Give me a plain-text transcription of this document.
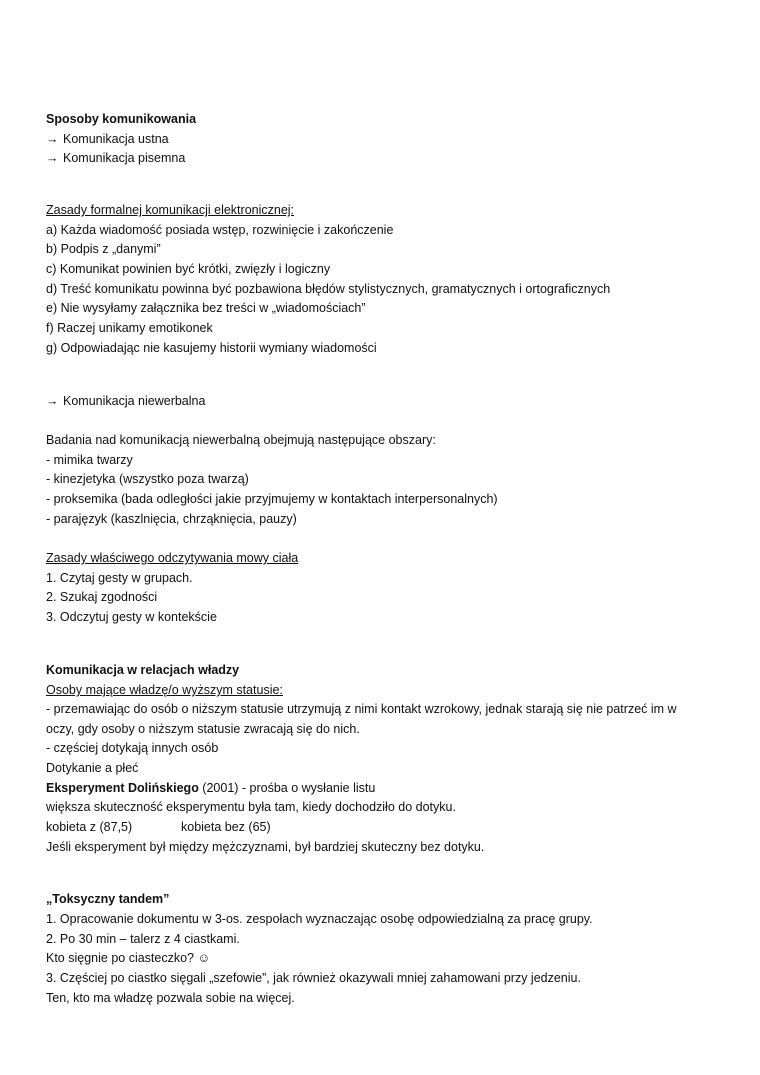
Sposoby komunikowania
→ Komunikacja ustna
→ Komunikacja pisemna
Zasady formalnej komunikacji elektronicznej:
a) Każda wiadomość posiada wstęp, rozwinięcie i zakończenie
b) Podpis z „danymi”
c) Komunikat powinien być krótki, zwięzły i logiczny
d) Treść komunikatu powinna być pozbawiona błędów stylistycznych, gramatycznych i ortograficznych
e) Nie wysyłamy załącznika bez treści w „wiadomościach”
f) Raczej unikamy emotikonek
g) Odpowiadając nie kasujemy historii wymiany wiadomości
→ Komunikacja niewerbalna
Badania nad komunikacją niewerbalną obejmują następujące obszary:
- mimika twarzy
- kinezjetyka (wszystko poza twarzą)
- proksemika (bada odległości jakie przyjmujemy w kontaktach interpersonalnych)
- parajęzyk (kaszlnięcia, chrząknięcia, pauzy)
Zasady właściwego odczytywania mowy ciała
1. Czytaj gesty w grupach.
2. Szukaj zgodności
3. Odczytuj gesty w kontekście
Komunikacja w relacjach władzy
Osoby mające władzę/o wyższym statusie:
- przemawiając do osób o niższym statusie utrzymują z nimi kontakt wzrokowy, jednak starają się nie patrzeć im w
oczy, gdy osoby o niższym statusie zwracają się do nich.
- częściej dotykają innych osób
Dotykanie a płeć
Eksperyment Dolińskiego (2001) - prośba o wysłanie listu
większa skuteczność eksperymentu była tam, kiedy dochodziło do dotyku.
kobieta z (87,5)	kobieta bez (65)
Jeśli eksperyment był między mężczyznami, był bardziej skuteczny bez dotyku.
„Toksyczny tandem”
1. Opracowanie dokumentu w 3-os. zespołach wyznaczając osobę odpowiedzialną za pracę grupy.
2. Po 30 min – talerz z 4 ciastkami.
Kto sięgnie po ciasteczko? ☺
3. Częściej po ciastko sięgali „szefowie”, jak również okazywali mniej zahamowani przy jedzeniu.
Ten, kto ma władzę pozwala sobie na więcej.
